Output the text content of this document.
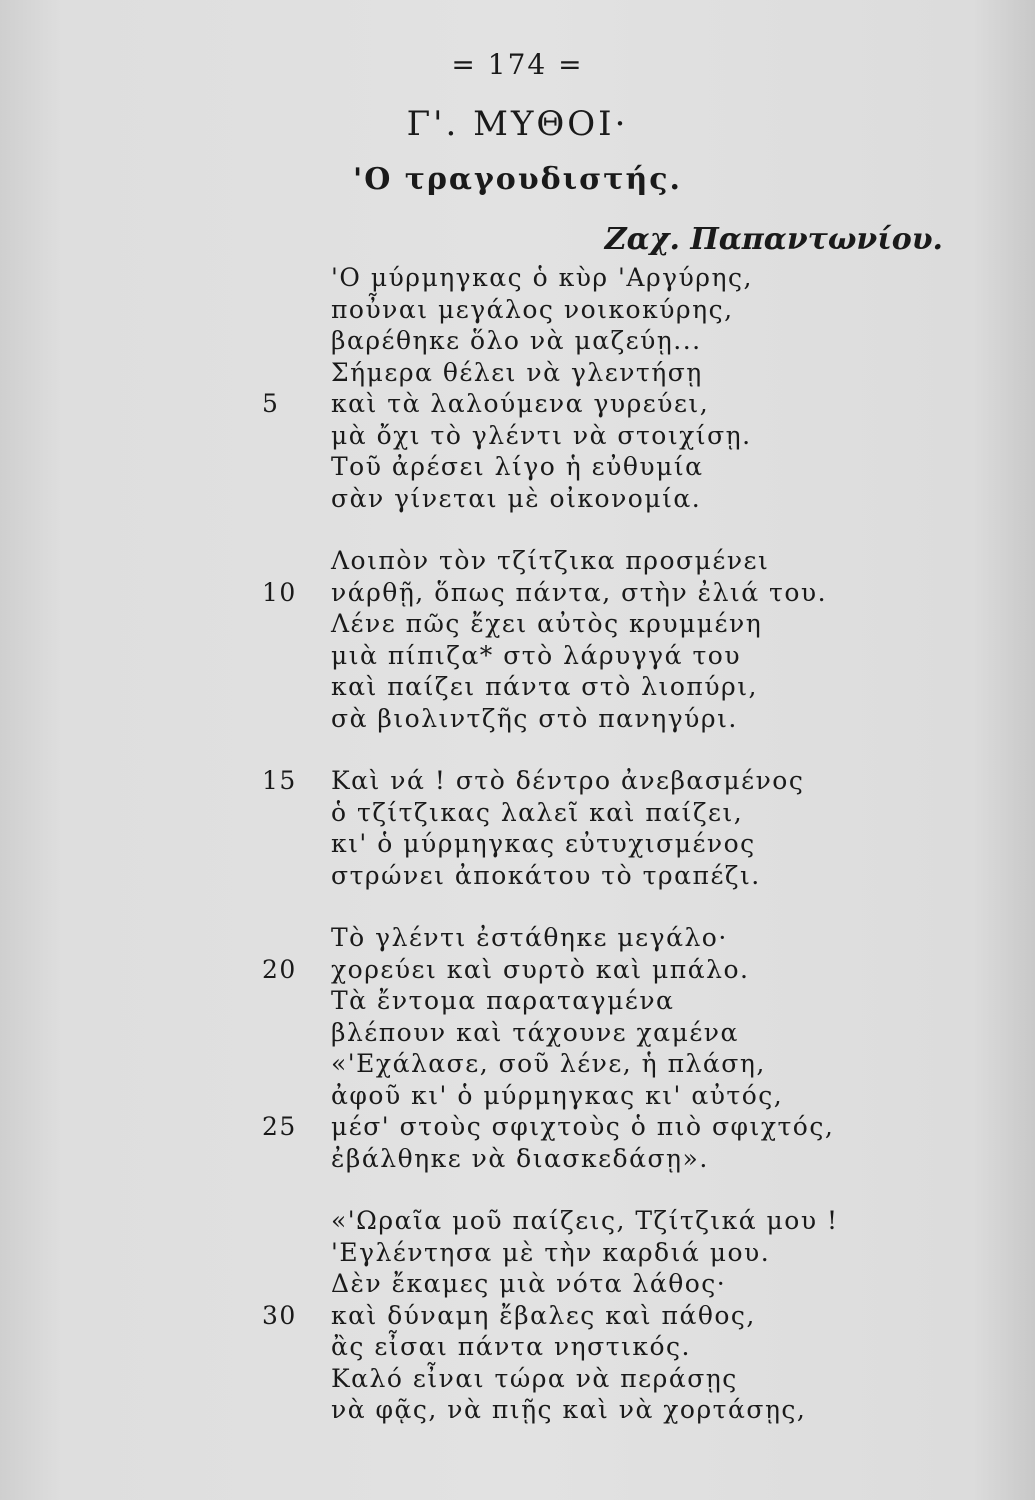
= 174 =
Γ'. ΜΥΘΟΙ·
'Ο τραγουδιστής.
Ζαχ. Παπαντωνίου.
'Ο μύρμηγκας ὁ κὺρ 'Αργύρης,
ποὖναι μεγάλος νοικοκύρης,
βαρέθηκε ὅλο νὰ μαζεύῃ...
Σήμερα θέλει νὰ γλεντήσῃ
5	καὶ τὰ λαλούμενα γυρεύει,
μὰ ὄχι τὸ γλέντι νὰ στοιχίσῃ.
Τοῦ ἀρέσει λίγο ἡ εὐθυμία
σὰν γίνεται μὲ οἰκονομία.
Λοιπὸν τὸν τζίτζικα προσμένει
10 νάρθῇ, ὅπως πάντα, στὴν ἐλιά του.
Λένε πῶς ἔχει αὐτὸς κρυμμένη
μιὰ πίπιζα* στὸ λάρυγγά του
καὶ παίζει πάντα στὸ λιοπύρι,
σὰ βιολιντζῆς στὸ πανηγύρι.
15 Καὶ νά ! στὸ δέντρο ἀνεβασμένος
ὁ τζίτζικας λαλεῖ καὶ παίζει,
κι' ὁ μύρμηγκας εὐτυχισμένος
στρώνει ἀποκάτου τὸ τραπέζι.
Τὸ γλέντι ἐστάθηκε μεγάλο·
20 χορεύει καὶ συρτὸ καὶ μπάλο.
Τὰ ἔντομα παραταγμένα
βλέπουν καὶ τάχουνε χαμένα
«'Εχάλασε, σοῦ λένε, ἡ πλάση,
ἀφοῦ κι' ὁ μύρμηγκας κι' αὐτός,
25 μέσ' στοὺς σφιχτοὺς ὁ πιὸ σφιχτός,
ἐβάλθηκε νὰ διασκεδάσῃ».
«'Ωραῖα μοῦ παίζεις, Τζίτζικά μου !
'Εγλέντησα μὲ τὴν καρδιά μου.
Δὲν ἔκαμες μιὰ νότα λάθος·
30 καὶ δύναμη ἔβαλες καὶ πάθος,
ἂς εἶσαι πάντα νηστικός.
Καλό εἶναι τώρα νὰ περάσῃς
νὰ φᾷς, νὰ πιῇς καὶ νὰ χορτάσῃς,
